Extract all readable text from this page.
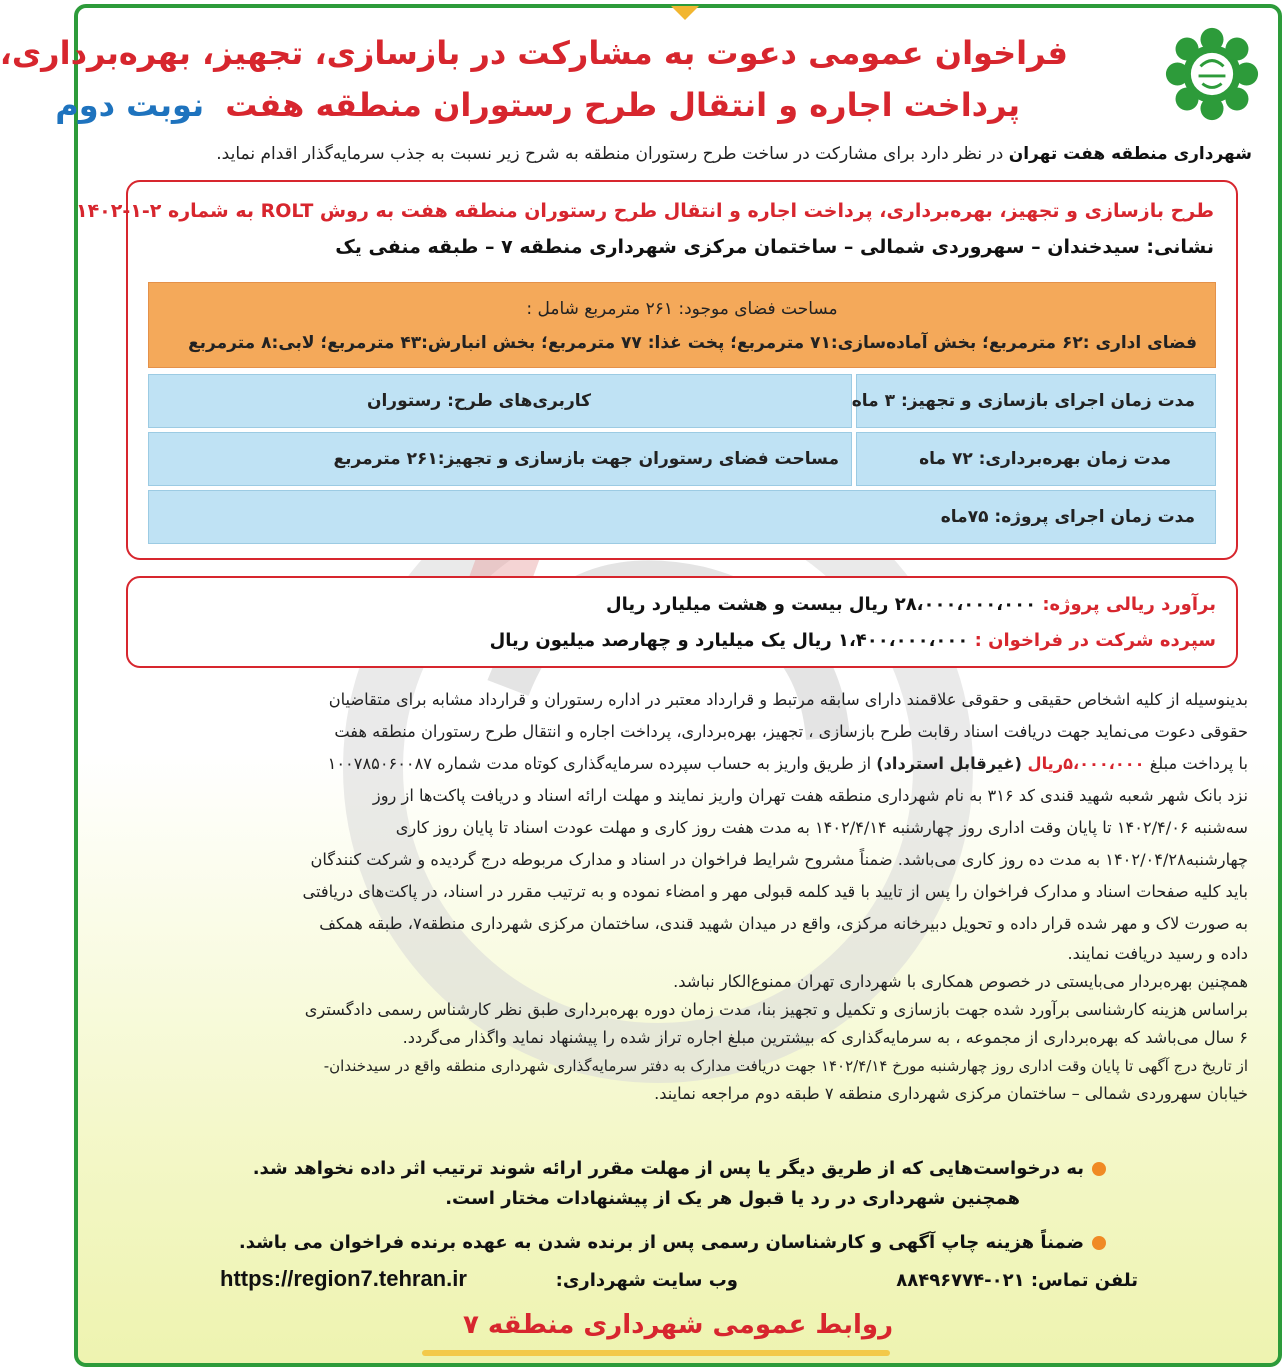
فراخوان عمومی دعوت به مشارکت در بازسازی، تجهیز، بهره‌برداری،
پرداخت اجاره و انتقال طرح رستوران منطقه هفت نوبت دوم
شهرداری منطقه هفت تهران در نظر دارد برای مشارکت در ساخت طرح رستوران منطقه به شرح زیر نسبت به جذب سرمایه‌گذار اقدام نماید.
طرح بازسازی و تجهیز، بهره‌برداری، پرداخت اجاره و انتقال طرح رستوران منطقه هفت به روش ROLT به شماره ۲-۱-۱۴۰۲
نشانی: سیدخندان – سهروردی شمالی – ساختمان مرکزی شهرداری منطقه ۷ – طبقه منفی یک
مساحت فضای موجود: ۲۶۱ مترمربع شامل :
فضای اداری :۶۲ مترمربع؛ بخش آماده‌سازی:۷۱ مترمربع؛ پخت غذا: ۷۷ مترمربع؛ بخش انبارش:۴۳ مترمربع؛ لابی:۸ مترمربع
مدت زمان اجرای بازسازی و تجهیز: ۳ ماه
کاربری‌های طرح: رستوران
مدت زمان بهره‌برداری: ۷۲ ماه
مساحت فضای رستوران جهت بازسازی و تجهیز:۲۶۱ مترمربع
مدت زمان اجرای پروژه: ۷۵ماه
برآورد ریالی پروژه: ۲۸،۰۰۰،۰۰۰،۰۰۰ ریال بیست و هشت میلیارد ریال
سپرده شرکت در فراخوان : ۱،۴۰۰،۰۰۰،۰۰۰ ریال یک میلیارد و چهارصد میلیون ریال

بدینوسیله از کلیه اشخاص حقیقی و حقوقی علاقمند دارای سابقه مرتبط و قرارداد معتبر در اداره رستوران و قرارداد مشابه برای متقاضیان

حقوقی دعوت می‌نماید جهت دریافت اسناد رقابت طرح بازسازی ، تجهیز، بهره‌برداری، پرداخت اجاره و انتقال طرح رستوران منطقه هفت

با پرداخت مبلغ ۵،۰۰۰،۰۰۰ریال (غیرقابل استرداد) از طریق واریز به حساب سپرده سرمایه‌گذاری کوتاه مدت شماره ۱۰۰۷۸۵۰۶۰۰۸۷

نزد بانک شهر شعبه شهید قندی کد ۳۱۶ به نام شهرداری منطقه هفت تهران واریز نمایند و مهلت ارائه اسناد و دریافت پاکت‌ها از روز

سه‌شنبه ۱۴۰۲/۴/۰۶ تا پایان وقت اداری روز چهارشنبه ۱۴۰۲/۴/۱۴ به مدت هفت روز کاری و مهلت عودت اسناد تا پایان روز کاری

چهارشنبه۱۴۰۲/۰۴/۲۸ به مدت ده روز کاری می‌باشد. ضمناً مشروح شرایط فراخوان در اسناد و مدارک مربوطه درج گردیده و شرکت کنندگان

باید کلیه صفحات اسناد و مدارک فراخوان را پس از تایید با قید کلمه قبولی مهر و امضاء نموده و به ترتیب مقرر در اسناد، در پاکت‌های دریافتی

به صورت لاک و مهر شده قرار داده و تحویل دبیرخانه مرکزی، واقع در میدان شهید قندی، ساختمان مرکزی شهرداری منطقه۷، طبقه همکف

داده و رسید دریافت نمایند.

همچنین بهره‌بردار می‌بایستی در خصوص همکاری با شهرداری تهران ممنوع‌الکار نباشد.

براساس هزینه کارشناسی برآورد شده جهت بازسازی و تکمیل و تجهیز بنا، مدت زمان دوره بهره‌برداری طبق نظر کارشناس رسمی دادگستری

۶ سال می‌باشد که بهره‌برداری از مجموعه ، به سرمایه‌گذاری که بیشترین مبلغ اجاره تراز شده را پیشنهاد نماید واگذار می‌گردد.

از تاریخ درج آگهی تا پایان وقت اداری روز چهارشنبه مورخ ۱۴۰۲/۴/۱۴ جهت دریافت مدارک به دفتر سرمایه‌گذاری شهرداری منطقه واقع در سیدخندان-

خیابان سهروردی شمالی – ساختمان مرکزی شهرداری منطقه ۷ طبقه دوم مراجعه نمایند.

به درخواست‌هایی که از طریق دیگر یا پس از مهلت مقرر ارائه شوند ترتیب اثر داده نخواهد شد.
همچنین شهرداری در رد یا قبول هر یک از پیشنهادات مختار است.
ضمناً هزینه چاپ آگهی و کارشناسان رسمی پس از برنده شدن به عهده برنده فراخوان می باشد.
تلفن تماس: ۰۲۱-۸۸۴۹۶۷۷۴
وب سایت شهرداری:
https://region7.tehran.ir
روابط عمومی شهرداری منطقه ۷
